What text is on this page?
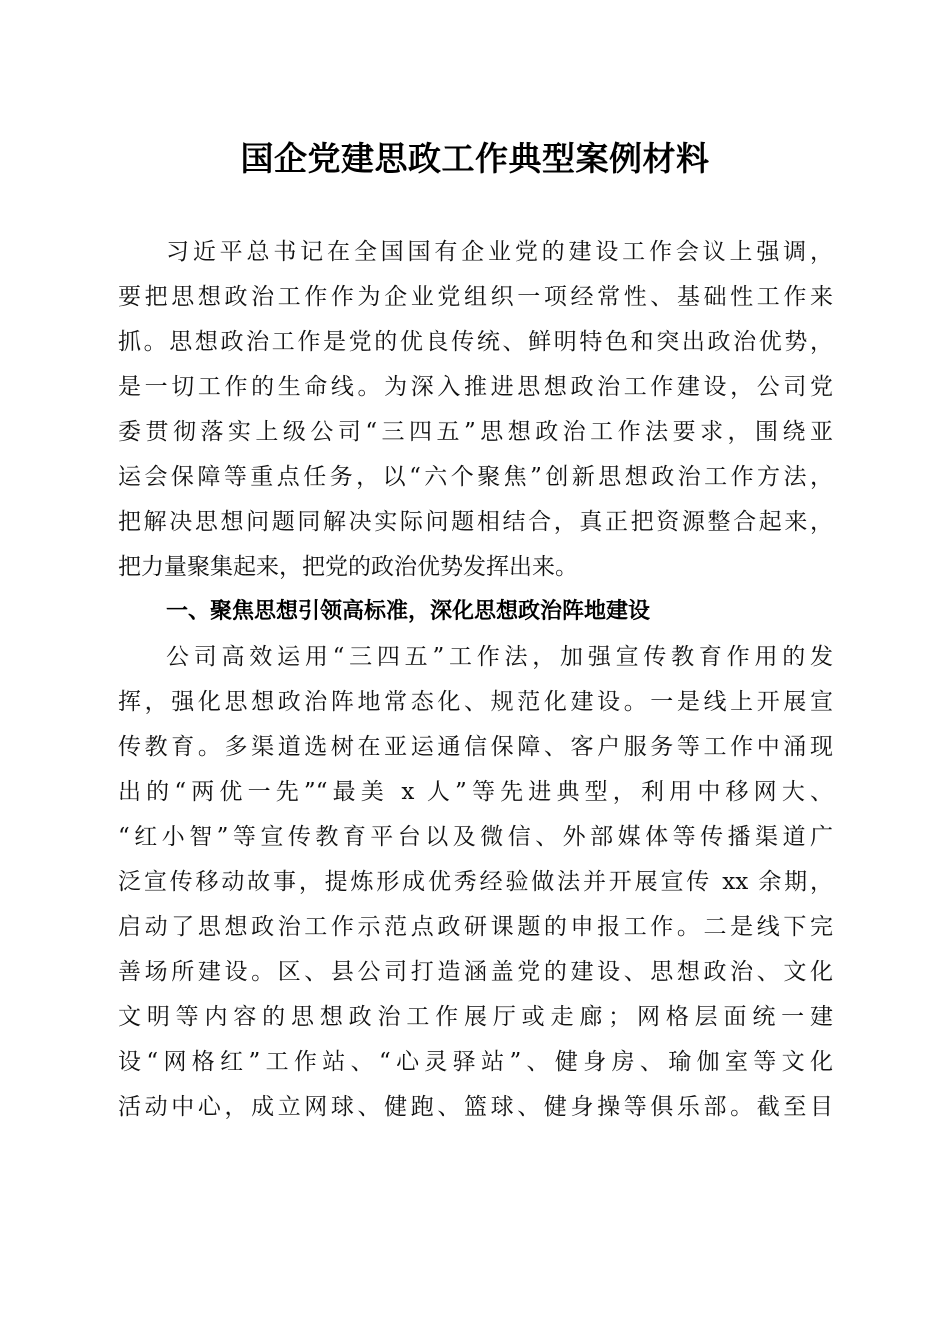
国企党建思政工作典型案例材料
习近平总书记在全国国有企业党的建设工作会议上强调，
要把思想政治工作作为企业党组织一项经常性、基础性工作来
抓。思想政治工作是党的优良传统、鲜明特色和突出政治优势，
是一切工作的生命线。为深入推进思想政治工作建设，公司党
委贯彻落实上级公司“三四五”思想政治工作法要求，围绕亚
运会保障等重点任务，以“六个聚焦”创新思想政治工作方法，
把解决思想问题同解决实际问题相结合，真正把资源整合起来，
把力量聚集起来，把党的政治优势发挥出来。
一、聚焦思想引领高标准，深化思想政治阵地建设
公司高效运用“三四五”工作法，加强宣传教育作用的发
挥，强化思想政治阵地常态化、规范化建设。一是线上开展宣
传教育。多渠道选树在亚运通信保障、客户服务等工作中涌现
出的“两优一先”“最美 x 人”等先进典型，利用中移网大、
“红小智”等宣传教育平台以及微信、外部媒体等传播渠道广
泛宣传移动故事，提炼形成优秀经验做法并开展宣传 xx 余期，
启动了思想政治工作示范点政研课题的申报工作。二是线下完
善场所建设。区、县公司打造涵盖党的建设、思想政治、文化
文明等内容的思想政治工作展厅或走廊；网格层面统一建
设“网格红”工作站、“心灵驿站”、健身房、瑜伽室等文化
活动中心，成立网球、健跑、篮球、健身操等俱乐部。截至目
